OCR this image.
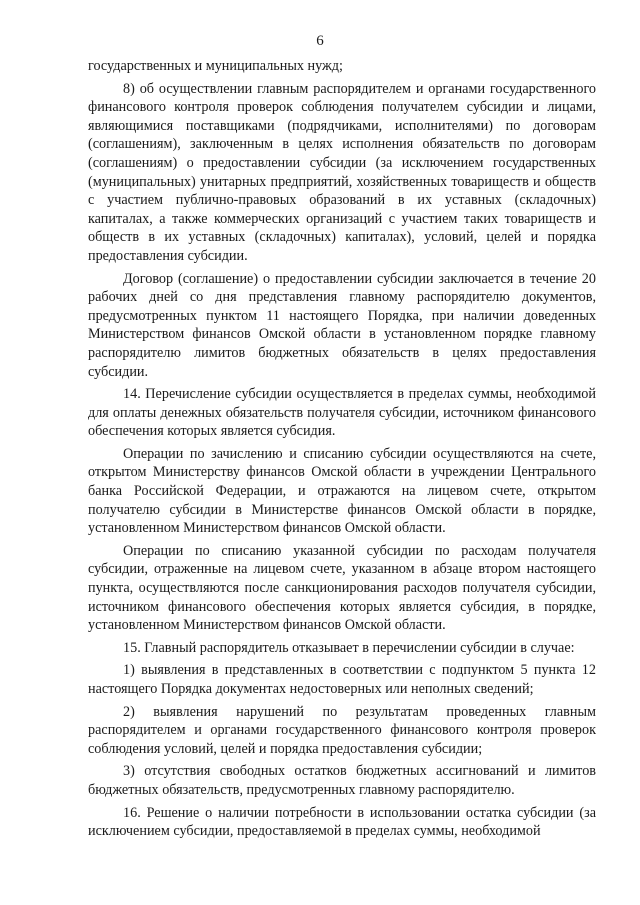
6

государственных и муниципальных нужд;

8) об осуществлении главным распорядителем и органами государственного финансового контроля проверок соблюдения получателем субсидии и лицами, являющимися поставщиками (подрядчиками, исполнителями) по договорам (соглашениям), заключенным в целях исполнения обязательств по договорам (соглашениям) о предоставлении субсидии (за исключением государственных (муниципальных) унитарных предприятий, хозяйственных товариществ и обществ с участием публично-правовых образований в их уставных (складочных) капиталах, а также коммерческих организаций с участием таких товариществ и обществ в их уставных (складочных) капиталах), условий, целей и порядка предоставления субсидии.

Договор (соглашение) о предоставлении субсидии заключается в течение 20 рабочих дней со дня представления главному распорядителю документов, предусмотренных пунктом 11 настоящего Порядка, при наличии доведенных Министерством финансов Омской области в установленном порядке главному распорядителю лимитов бюджетных обязательств в целях предоставления субсидии.

14. Перечисление субсидии осуществляется в пределах суммы, необходимой для оплаты денежных обязательств получателя субсидии, источником финансового обеспечения которых является субсидия.

Операции по зачислению и списанию субсидии осуществляются на счете, открытом Министерству финансов Омской области в учреждении Центрального банка Российской Федерации, и отражаются на лицевом счете, открытом получателю субсидии в Министерстве финансов Омской области в порядке, установленном Министерством финансов Омской области.

Операции по списанию указанной субсидии по расходам получателя субсидии, отраженные на лицевом счете, указанном в абзаце втором настоящего пункта, осуществляются после санкционирования расходов получателя субсидии, источником финансового обеспечения которых является субсидия, в порядке, установленном Министерством финансов Омской области.

15. Главный распорядитель отказывает в перечислении субсидии в случае:

1) выявления в представленных в соответствии с подпунктом 5 пункта 12 настоящего Порядка документах недостоверных или неполных сведений;

2) выявления нарушений по результатам проведенных главным распорядителем и органами государственного финансового контроля проверок соблюдения условий, целей и порядка предоставления субсидии;

3) отсутствия свободных остатков бюджетных ассигнований и лимитов бюджетных обязательств, предусмотренных главному распорядителю.

16. Решение о наличии потребности в использовании остатка субсидии (за исключением субсидии, предоставляемой в пределах суммы, необходимой
